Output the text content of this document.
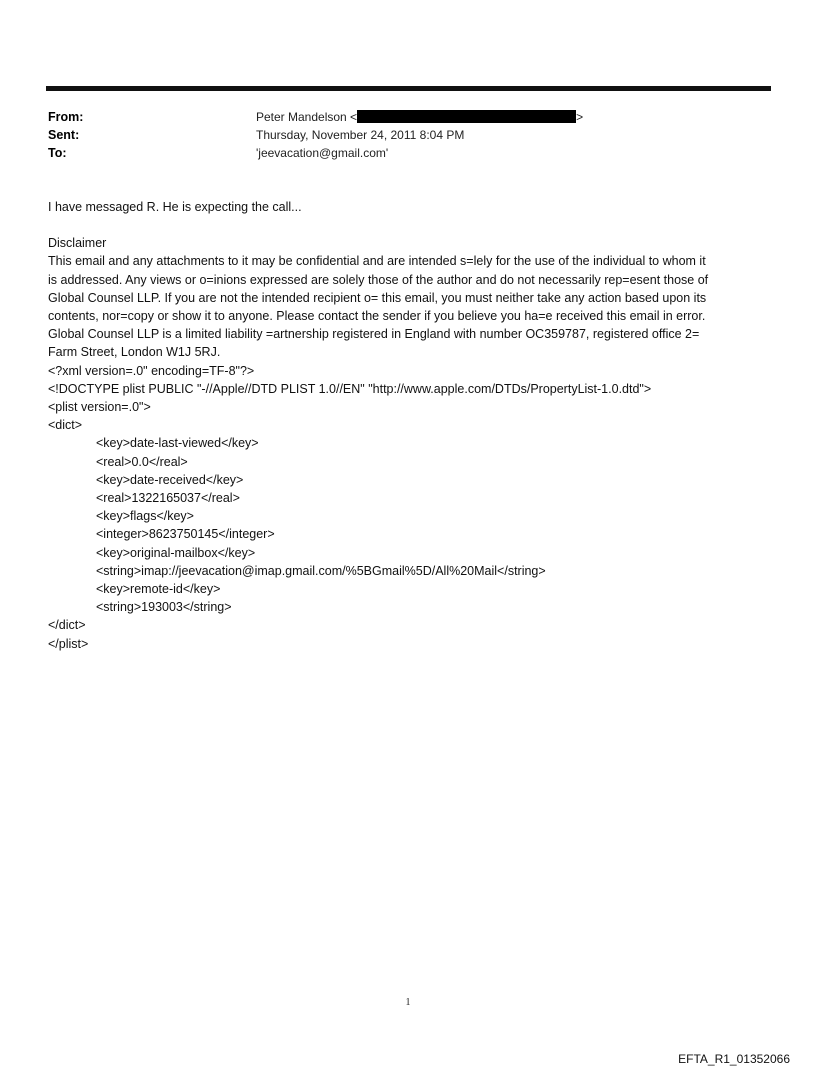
From:	Peter Mandelson <	>
Sent:	Thursday, November 24, 2011 8:04 PM
To:	'jeevacation@gmail.com'

I have messaged R. He is expecting the call...

Disclaimer

This email and any attachments to it may be confidential and are intended s=lely for the use of the individual to whom it

is addressed. Any views or o=inions expressed are solely those of the author and do not necessarily rep=esent those of

Global Counsel LLP. If you are not the intended recipient o= this email, you must neither take any action based upon its

contents, nor=copy or show it to anyone. Please contact the sender if you believe you ha=e received this email in error.

Global Counsel LLP is a limited liability =artnership registered in England with number OC359787, registered office 2=

Farm Street, London W1J 5RJ.

<?xml version=.0" encoding=TF-8"?>

<!DOCTYPE plist PUBLIC "-//Apple//DTD PLIST 1.0//EN" "http://www.apple.com/DTDs/PropertyList-1.0.dtd">

<plist version=.0">

<dict>

<key>date-last-viewed</key>

<real>0.0</real>

<key>date-received</key>

<real>1322165037</real>

<key>flags</key>

<integer>8623750145</integer>

<key>original-mailbox</key>

<string>imap://jeevacation@imap.gmail.com/%5BGmail%5D/All%20Mail</string>

<key>remote-id</key>

<string>193003</string>

</dict>

</plist>

1
EFTA_R1_01352066
